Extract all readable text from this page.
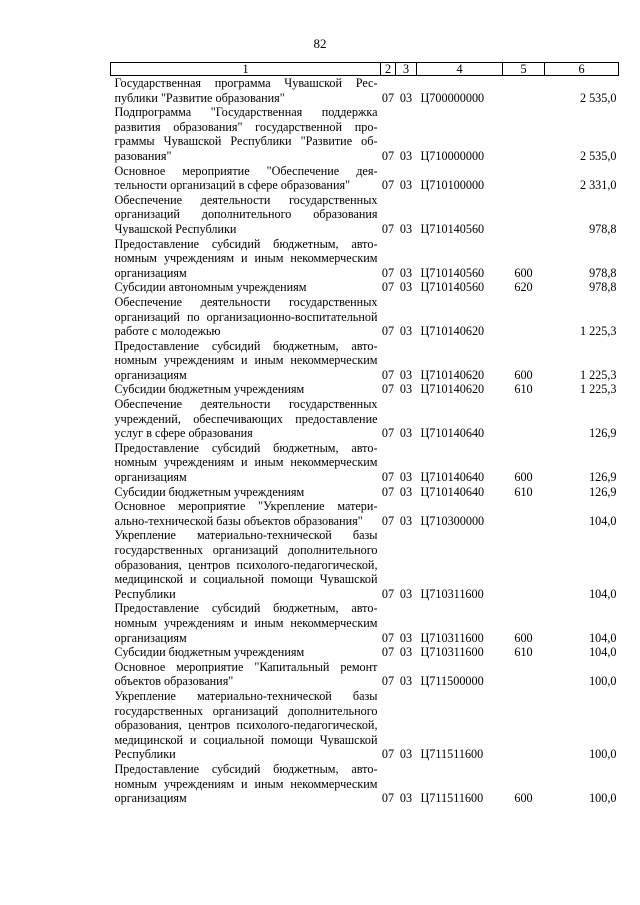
82
1	2	3	4	5	6
Государственная программа Чувашской Республики "Развитие образования"	07	03	Ц700000000		2 535,0
Подпрограмма "Государственная поддержка развития образования" государственной программы Чувашской Республики "Развитие образования"	07	03	Ц710000000		2 535,0
Основное мероприятие "Обеспечение деятельности организаций в сфере образования"	07	03	Ц710100000		2 331,0
Обеспечение деятельности государственных организаций дополнительного образования Чувашской Республики	07	03	Ц710140560		978,8
Предоставление субсидий бюджетным, автономным учреждениям и иным некоммерческим организациям	07	03	Ц710140560	600	978,8
Субсидии автономным учреждениям	07	03	Ц710140560	620	978,8
Обеспечение деятельности государственных организаций по организационно-воспитательной работе с молодежью	07	03	Ц710140620		1 225,3
Предоставление субсидий бюджетным, автономным учреждениям и иным некоммерческим организациям	07	03	Ц710140620	600	1 225,3
Субсидии бюджетным учреждениям	07	03	Ц710140620	610	1 225,3
Обеспечение деятельности государственных учреждений, обеспечивающих предоставление услуг в сфере образования	07	03	Ц710140640		126,9
Предоставление субсидий бюджетным, автономным учреждениям и иным некоммерческим организациям	07	03	Ц710140640	600	126,9
Субсидии бюджетным учреждениям	07	03	Ц710140640	610	126,9
Основное мероприятие "Укрепление материально-технической базы объектов образования"	07	03	Ц710300000		104,0
Укрепление материально-технической базы государственных организаций дополнительного образования, центров психолого-педагогической, медицинской и социальной помощи Чувашской Республики	07	03	Ц710311600		104,0
Предоставление субсидий бюджетным, автономным учреждениям и иным некоммерческим организациям	07	03	Ц710311600	600	104,0
Субсидии бюджетным учреждениям	07	03	Ц710311600	610	104,0
Основное мероприятие "Капитальный ремонт объектов образования"	07	03	Ц711500000		100,0
Укрепление материально-технической базы государственных организаций дополнительного образования, центров психолого-педагогической, медицинской и социальной помощи Чувашской Республики	07	03	Ц711511600		100,0
Предоставление субсидий бюджетным, автономным учреждениям и иным некоммерческим организациям	07	03	Ц711511600	600	100,0
